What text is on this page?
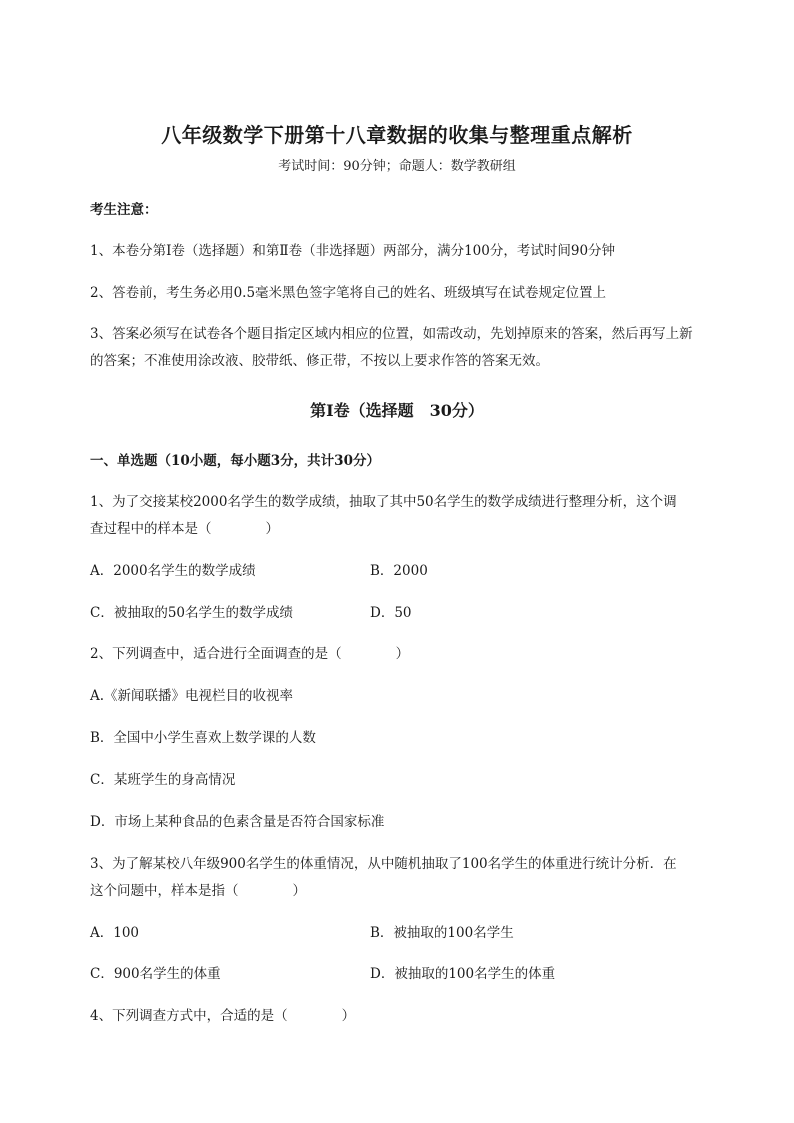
八年级数学下册第十八章数据的收集与整理重点解析
考试时间：90分钟；命题人：数学教研组
考生注意：
1、本卷分第I卷（选择题）和第Ⅱ卷（非选择题）两部分，满分100分，考试时间90分钟
2、答卷前，考生务必用0.5毫米黑色签字笔将自己的姓名、班级填写在试卷规定位置上
3、答案必须写在试卷各个题目指定区域内相应的位置，如需改动，先划掉原来的答案，然后再写上新
的答案；不准使用涂改液、胶带纸、修正带，不按以上要求作答的答案无效。
第I卷（选择题　30分）
一、单选题（10小题，每小题3分，共计30分）
1、为了交接某校2000名学生的数学成绩，抽取了其中50名学生的数学成绩进行整理分析，这个调
查过程中的样本是（　　　　）
A．2000名学生的数学成绩	B．2000
C．被抽取的50名学生的数学成绩	D．50
2、下列调查中，适合进行全面调查的是（　　　　）
A.《新闻联播》电视栏目的收视率
B．全国中小学生喜欢上数学课的人数
C．某班学生的身高情况
D．市场上某种食品的色素含量是否符合国家标准
3、为了解某校八年级900名学生的体重情况，从中随机抽取了100名学生的体重进行统计分析．在
这个问题中，样本是指（　　　　）
A．100	B．被抽取的100名学生
C．900名学生的体重	D．被抽取的100名学生的体重
4、下列调查方式中，合适的是（　　　　）
